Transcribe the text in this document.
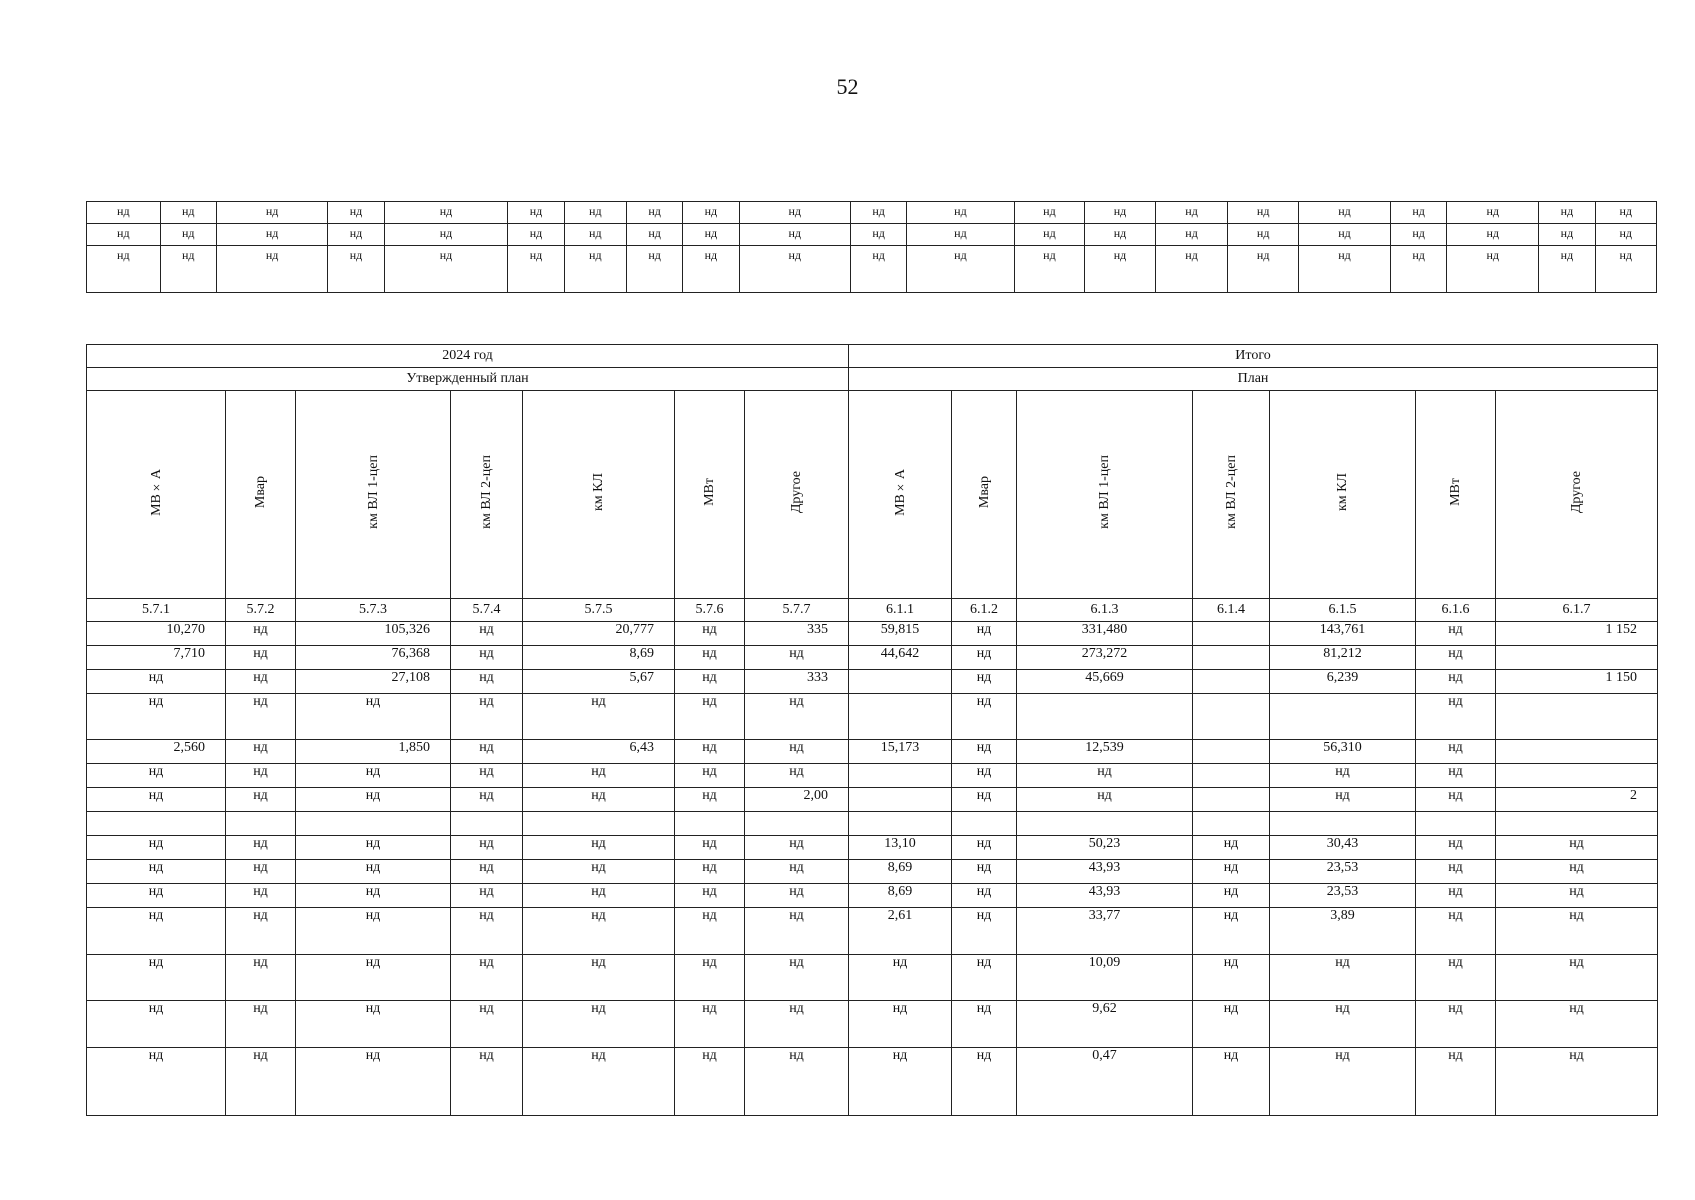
52
нд	нд	нд	нд	нд	нд	нд	нд	нд	нд	нд	нд	нд	нд	нд	нд	нд	нд	нд	нд	нд
нд	нд	нд	нд	нд	нд	нд	нд	нд	нд	нд	нд	нд	нд	нд	нд	нд	нд	нд	нд	нд
нд	нд	нд	нд	нд	нд	нд	нд	нд	нд	нд	нд	нд	нд	нд	нд	нд	нд	нд	нд	нд
2024 год							Итого						
Утвержденный план							План						
МВ×А	Мвар	км ВЛ 1-цеп	км ВЛ 2-цеп	км КЛ	МВт	Другое	МВ×А	Мвар	км ВЛ 1-цеп	км ВЛ 2-цеп	км КЛ	МВт	Другое
5.7.1	5.7.2	5.7.3	5.7.4	5.7.5	5.7.6	5.7.7	6.1.1	6.1.2	6.1.3	6.1.4	6.1.5	6.1.6	6.1.7
10,270	нд	105,326	нд	20,777	нд	335	59,815	нд	331,480		143,761	нд	1 152
7,710	нд	76,368	нд	8,69	нд	нд	44,642	нд	273,272		81,212	нд	
нд	нд	27,108	нд	5,67	нд	333		нд	45,669		6,239	нд	1 150
нд	нд	нд	нд	нд	нд	нд		нд				нд	
2,560	нд	1,850	нд	6,43	нд	нд	15,173	нд	12,539		56,310	нд	
нд	нд	нд	нд	нд	нд	нд		нд	нд		нд	нд	
нд	нд	нд	нд	нд	нд	2,00		нд	нд		нд	нд	2

нд	нд	нд	нд	нд	нд	нд	13,10	нд	50,23	нд	30,43	нд	нд
нд	нд	нд	нд	нд	нд	нд	8,69	нд	43,93	нд	23,53	нд	нд
нд	нд	нд	нд	нд	нд	нд	8,69	нд	43,93	нд	23,53	нд	нд
нд	нд	нд	нд	нд	нд	нд	2,61	нд	33,77	нд	3,89	нд	нд
нд	нд	нд	нд	нд	нд	нд	нд	нд	10,09	нд	нд	нд	нд
нд	нд	нд	нд	нд	нд	нд	нд	нд	9,62	нд	нд	нд	нд
нд	нд	нд	нд	нд	нд	нд	нд	нд	0,47	нд	нд	нд	нд
